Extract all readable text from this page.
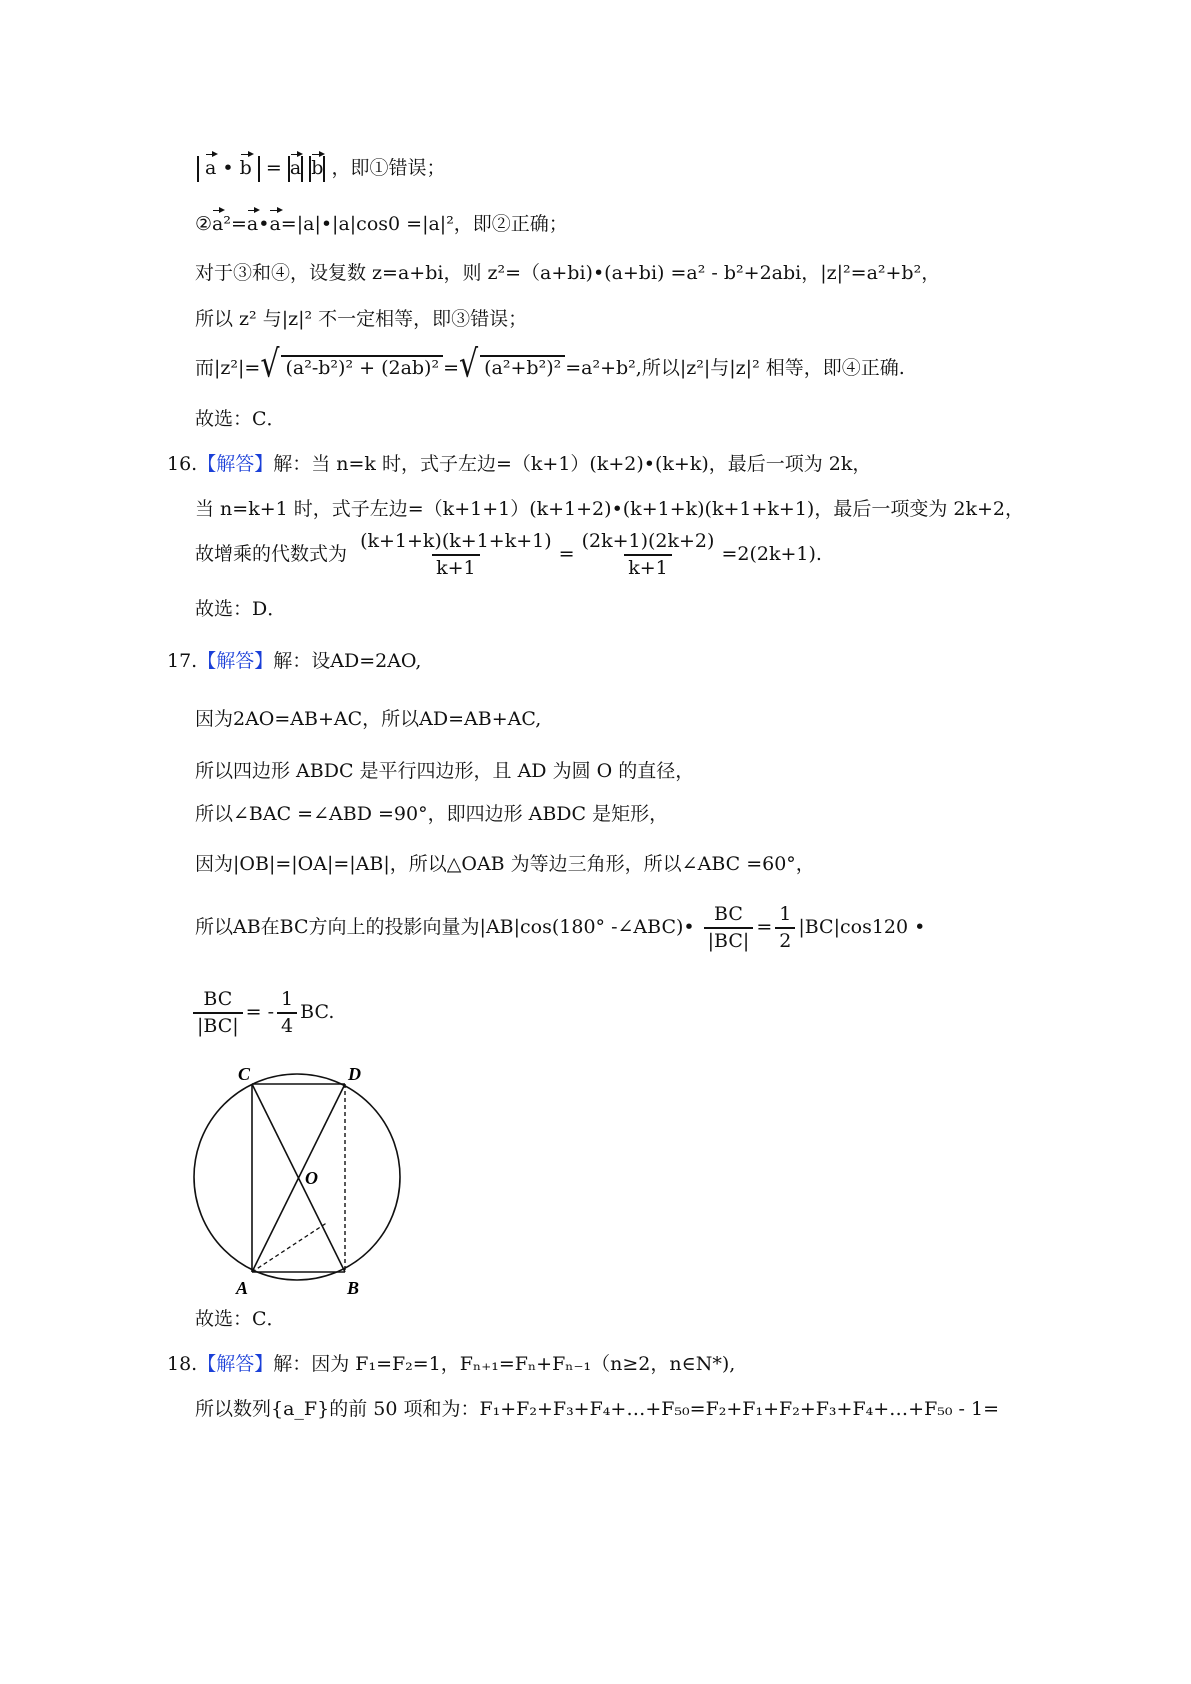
a • b  = a b ，即①错误；
②a²=a•a=|a|•|a|cos0 =|a|²，即②正确；
对于③和④，设复数 z=a+bi，则 z²=（a+bi)•(a+bi) =a² - b²+2abi，|z|²=a²+b²，
所以 z² 与|z|² 不一定相等，即③错误；
而|z²|=√ (a²-b²)² + (2ab)² =√ (a²+b²)² =a²+b²,所以|z²|与|z|² 相等，即④正确.
故选：C．
16.【解答】解：当 n=k 时，式子左边=（k+1）(k+2)•(k+k)，最后一项为 2k，
当 n=k+1 时，式子左边=（k+1+1）(k+1+2)•(k+1+k)(k+1+k+1)，最后一项变为 2k+2，
故增乘的代数式为 $\frac{(k+1+k)(k+1+k+1)}{k+1} = \frac{(2k+1)(2k+2)}{k+1} =2(2k+1)$.
故选：D．
17.【解答】解：设AD=2AO,
因为2AO=AB+AC，所以AD=AB+AC,
所以四边形 ABDC 是平行四边形，且 AD 为圆 O 的直径，
所以∠BAC =∠ABD =90°，即四边形 ABDC 是矩形，
因为|OB|=|OA|=|AB|，所以△OAB 为等边三角形，所以∠ABC =60°，
所以AB在BC方向上的投影向量为|AB|cos(180° -∠ABC)• $\frac{BC}{|BC|} = \frac{1}{2} |BC|\cos 120$ •
$\frac{BC}{|BC|}$ = - $\frac{1}{4}$ BC.
C	D
O
A	B
故选：C．
18.【解答】解：因为 F₁=F₂=1，Fₙ₊₁=Fₙ+Fₙ₋₁（n≥2，n∈N*),
所以数列{a_F}的前 50 项和为：F₁+F₂+F₃+F₄+…+F₅₀=F₂+F₁+F₂+F₃+F₄+…+F₅₀ - 1=
